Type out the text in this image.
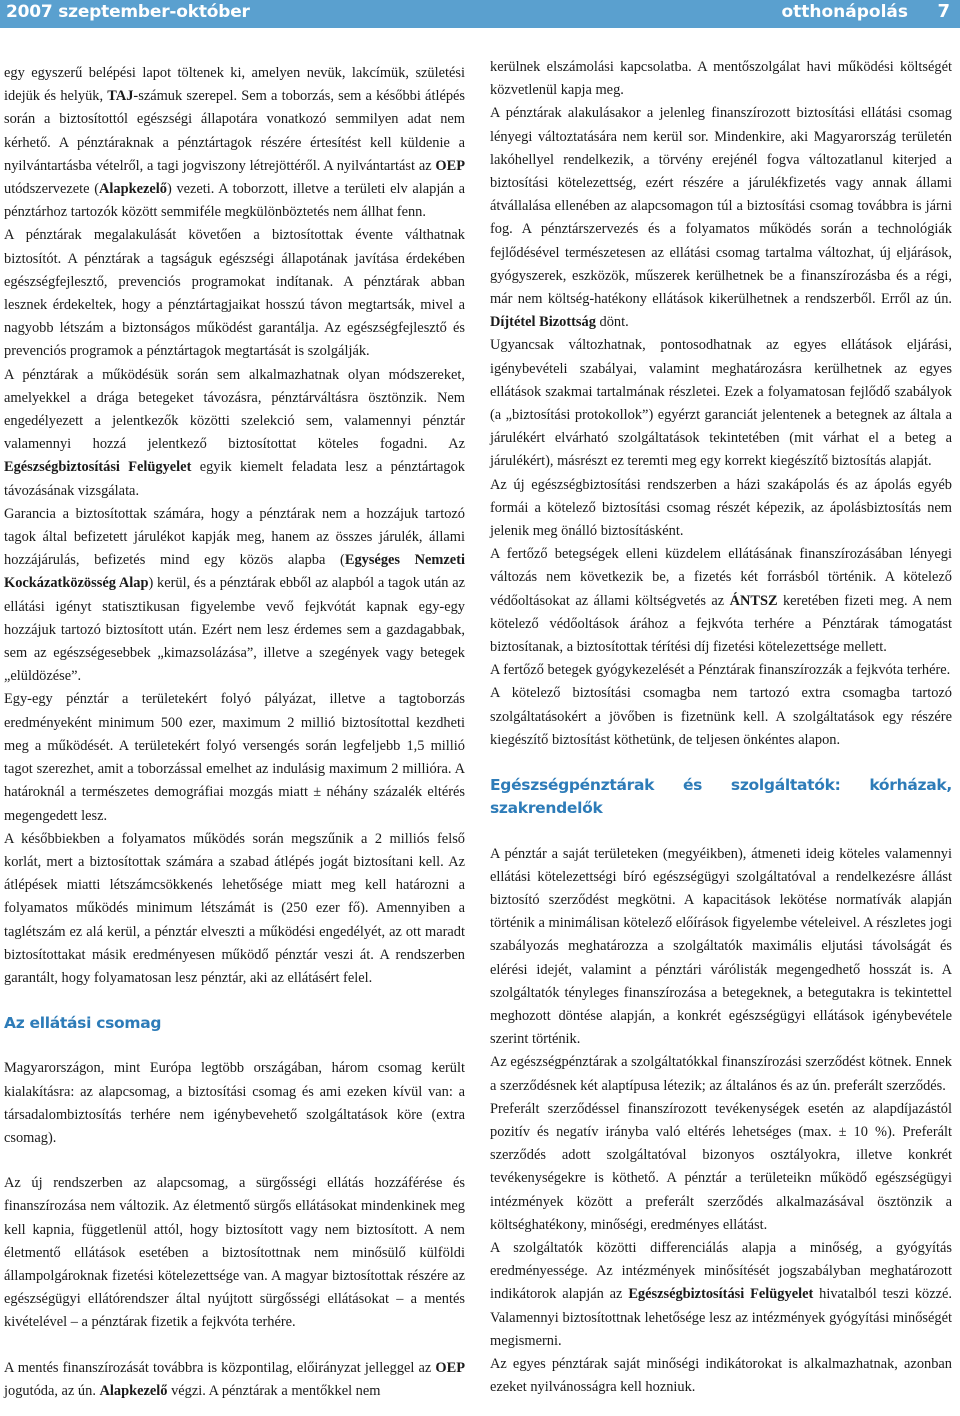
2007 szeptember-október	otthonápolás 7

egy egyszerű belépési lapot töltenek ki, amelyen nevük, lakcímük, születési idejük és helyük, TAJ-számuk szerepel. Sem a toborzás, sem a későbbi átlépés során a biztosítottól egészségi állapotára vonatkozó semmilyen adat nem kérhető. A pénztáraknak a pénztártagok részére értesítést kell küldenie a nyilvántartásba vételről, a tagi jogviszony létrejöttéről. A nyilvántartást az OEP utódszervezete (Alapkezelő) vezeti. A toborzott, illetve a területi elv alapján a pénztárhoz tartozók között semmiféle megkülönböztetés nem állhat fenn.

A pénztárak megalakulását követően a biztosítottak évente válthatnak biztosítót. A pénztárak a tagságuk egészségi állapotának javítása érdekében egészségfejlesztő, prevenciós programokat indítanak. A pénztárak abban lesznek érdekeltek, hogy a pénztártagjaikat hosszú távon megtartsák, mivel a nagyobb létszám a biztonságos működést garantálja. Az egészségfejlesztő és prevenciós programok a pénztártagok megtartását is szolgálják.

A pénztárak a működésük során sem alkalmazhatnak olyan módszereket, amelyekkel a drága betegeket távozásra, pénztárváltásra ösztönzik. Nem engedélyezett a jelentkezők közötti szelekció sem, valamennyi pénztár valamennyi hozzá jelentkező biztosítottat köteles fogadni. Az Egészségbiztosítási Felügyelet egyik kiemelt feladata lesz a pénztártagok távozásának vizsgálata.

Garancia a biztosítottak számára, hogy a pénztárak nem a hozzájuk tartozó tagok által befizetett járulékot kapják meg, hanem az összes járulék, állami hozzájárulás, befizetés mind egy közös alapba (Egységes Nemzeti Kockázatközösség Alap) kerül, és a pénztárak ebből az alapból a tagok után az ellátási igényt statisztikusan figyelembe vevő fejkvótát kapnak egy-egy hozzájuk tartozó biztosított után. Ezért nem lesz érdemes sem a gazdagabbak, sem az egészségesebbek „kimazsolázása”, illetve a szegények vagy betegek „elüldözése”.

Egy-egy pénztár a területekért folyó pályázat, illetve a tagtoborzás eredményeként minimum 500 ezer, maximum 2 millió biztosítottal kezdheti meg a működését. A területekért folyó versengés során legfeljebb 1,5 millió tagot szerezhet, amit a toborzással emelhet az indulásig maximum 2 millióra. A határoknál a természetes demográfiai mozgás miatt ± néhány százalék eltérés megengedett lesz.

A későbbiekben a folyamatos működés során megszűnik a 2 milliós felső korlát, mert a biztosítottak számára a szabad átlépés jogát biztosítani kell. Az átlépések miatti létszámcsökkenés lehetősége miatt meg kell határozni a folyamatos működés minimum létszámát is (250 ezer fő). Amennyiben a taglétszám ez alá kerül, a pénztár elveszti a működési engedélyét, az ott maradt biztosítottakat másik eredményesen működő pénztár veszi át. A rendszerben garantált, hogy folyamatosan lesz pénztár, aki az ellátásért felel.

Az ellátási csomag

Magyarországon, mint Európa legtöbb országában, három csomag került kialakításra: az alapcsomag, a biztosítási csomag és ami ezeken kívül van: a társadalombiztosítás terhére nem igénybevehető szolgáltatások köre (extra csomag).

Az új rendszerben az alapcsomag, a sürgősségi ellátás hozzáférése és finanszírozása nem változik. Az életmentő sürgős ellátásokat mindenkinek meg kell kapnia, függetlenül attól, hogy biztosított vagy nem biztosított. A nem életmentő ellátások esetében a biztosítottnak nem minősülő külföldi állampolgároknak fizetési kötelezettsége van. A magyar biztosítottak részére az egészségügyi ellátórendszer által nyújtott sürgősségi ellátásokat – a mentés kivételével – a pénztárak fizetik a fejkvóta terhére.

A mentés finanszírozását továbbra is központilag, előirányzat jelleggel az OEP jogutóda, az ún. Alapkezelő végzi. A pénztárak a mentőkkel nem

kerülnek elszámolási kapcsolatba. A mentőszolgálat havi működési költségét közvetlenül kapja meg.

A pénztárak alakulásakor a jelenleg finanszírozott biztosítási ellátási csomag lényegi változtatására nem kerül sor. Mindenkire, aki Magyarország területén lakóhellyel rendelkezik, a törvény erejénél fogva változatlanul kiterjed a biztosítási kötelezettség, ezért részére a járulékfizetés vagy annak állami átvállalása ellenében az alapcsomagon túl a biztosítási csomag továbbra is járni fog. A pénztárszervezés és a folyamatos működés során a technológiák fejlődésével természetesen az ellátási csomag tartalma változhat, új eljárások, gyógyszerek, eszközök, műszerek kerülhetnek be a finanszírozásba és a régi, már nem költség-hatékony ellátások kikerülhetnek a rendszerből. Erről az ún. Díjtétel Bizottság dönt.

Ugyancsak változhatnak, pontosodhatnak az egyes ellátások eljárási, igénybevételi szabályai, valamint meghatározásra kerülhetnek az egyes ellátások szakmai tartalmának részletei. Ezek a folyamatosan fejlődő szabályok (a „biztosítási protokollok”) egyérzt garanciát jelentenek a betegnek az általa a járulékért elvárható szolgáltatások tekintetében (mit várhat el a beteg a járulékért), másrészt ez teremti meg egy korrekt kiegészítő biztosítás alapját.

Az új egészségbiztosítási rendszerben a házi szakápolás és az ápolás egyéb formái a kötelező biztosítási csomag részét képezik, az ápolásbiztosítás nem jelenik meg önálló biztosításként.

A fertőző betegségek elleni küzdelem ellátásának finanszírozásában lényegi változás nem következik be, a fizetés két forrásból történik. A kötelező védőoltásokat az állami költségvetés az ÁNTSZ keretében fizeti meg. A nem kötelező védőoltások árához a fejkvóta terhére a Pénztárak támogatást biztosítanak, a biztosítottak térítési díj fizetési kötelezettsége mellett.

A fertőző betegek gyógykezelését a Pénztárak finanszírozzák a fejkvóta terhére.

A kötelező biztosítási csomagba nem tartozó extra csomagba tartozó szolgáltatásokért a jövőben is fizetnünk kell. A szolgáltatások egy részére kiegészítő biztosítást köthetünk, de teljesen önkéntes alapon.

Egészségpénztárak és szolgáltatók: kórházak, szakrendelők

A pénztár a saját területeken (megyéikben), átmeneti ideig köteles valamennyi ellátási kötelezettségi bíró egészségügyi szolgáltatóval a rendelkezésre állást biztosító szerződést megkötni. A kapacitások lekötése normatívák alapján történik a minimálisan kötelező előírások figyelembe vételeivel. A részletes jogi szabályozás meghatározza a szolgáltatók maximális eljutási távolságát és elérési idejét, valamint a pénztári várólisták megengedhető hosszát is. A szolgáltatók tényleges finanszírozása a betegeknek, a betegutakra is tekintettel meghozott döntése alapján, a konkrét egészségügyi ellátások igénybevétele szerint történik.

Az egészségpénztárak a szolgáltatókkal finanszírozási szerződést kötnek. Ennek a szerződésnek két alaptípusa létezik; az általános és az ún. preferált szerződés.

Preferált szerződéssel finanszírozott tevékenységek esetén az alapdíjazástól pozitív és negatív irányba való eltérés lehetséges (max. ± 10 %). Preferált szerződés adott szolgáltatóval bizonyos osztályokra, illetve konkrét tevékenységekre is köthető. A pénztár a területeikn működő egészségügyi intézmények között a preferált szerződés alkalmazásával ösztönzik a költséghatékony, minőségi, eredményes ellátást.

A szolgáltatók közötti differenciálás alapja a minőség, a gyógyítás eredményessége. Az intézmények minősítését jogszabályban meghatározott indikátorok alapján az Egészségbiztosítási Felügyelet hivatalból teszi közzé. Valamennyi biztosítottnak lehetősége lesz az intézmények gyógyítási minőségét megismerni.

Az egyes pénztárak saját minőségi indikátorokat is alkalmazhatnak, azonban ezeket nyilvánosságra kell hozniuk.
